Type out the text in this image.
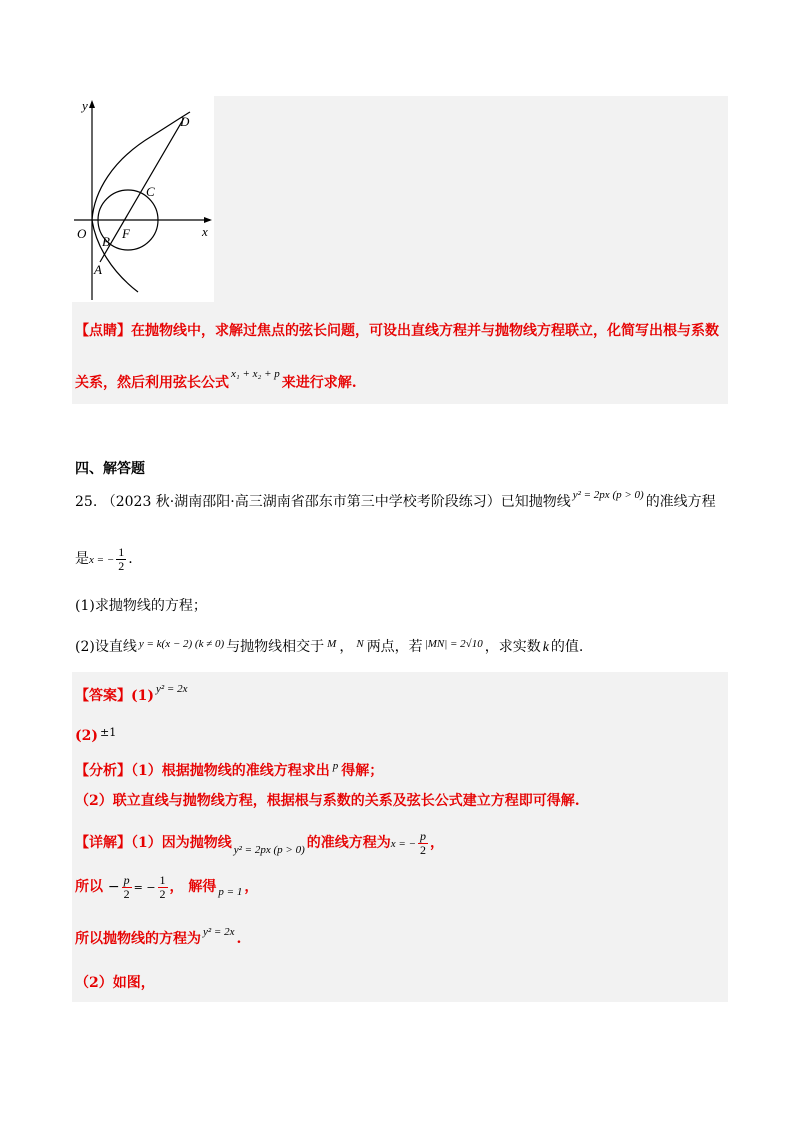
y
x
O
D
C
B
F
A
【点睛】在抛物线中，求解过焦点的弦长问题，可设出直线方程并与抛物线方程联立，化简写出根与系数
关系，然后利用弦长公式$^{x_1 + x_2 + p}$来进行求解.
四、解答题
25. （2023 秋·湖南邵阳·高三湖南省邵东市第三中学校考阶段练习）已知抛物线 $^{y^2 = 2px (p > 0)}$ 的准线方程
是x = − $\frac{1}{2}$ .
(1)求抛物线的方程；
(2)设直线 $^{y = k(x - 2) (k \ne 0)}$ 与抛物线相交于 $^M$ ， $^N$ 两点，若 $^{|MN| = 2√10}$ ，求实数 k 的值.
【答案】(1) $^{y^2 = 2x}$
(2) $^{\pm 1}$
【分析】（1）根据抛物线的准线方程求出 $^p$ 得解；
（2）联立直线与抛物线方程，根据根与系数的关系及弦长公式建立方程即可得解.
【详解】（1）因为抛物线 $_{y^2 = 2px (p > 0)}$ 的准线方程为x = − $\frac{p}{2}$ ，
所以 − $\frac{p}{2}$ = − $\frac{1}{2}$ ， 解得 $_{p = 1}$ ，
所以抛物线的方程为 $^{y^2 = 2x}$ .
（2）如图，
